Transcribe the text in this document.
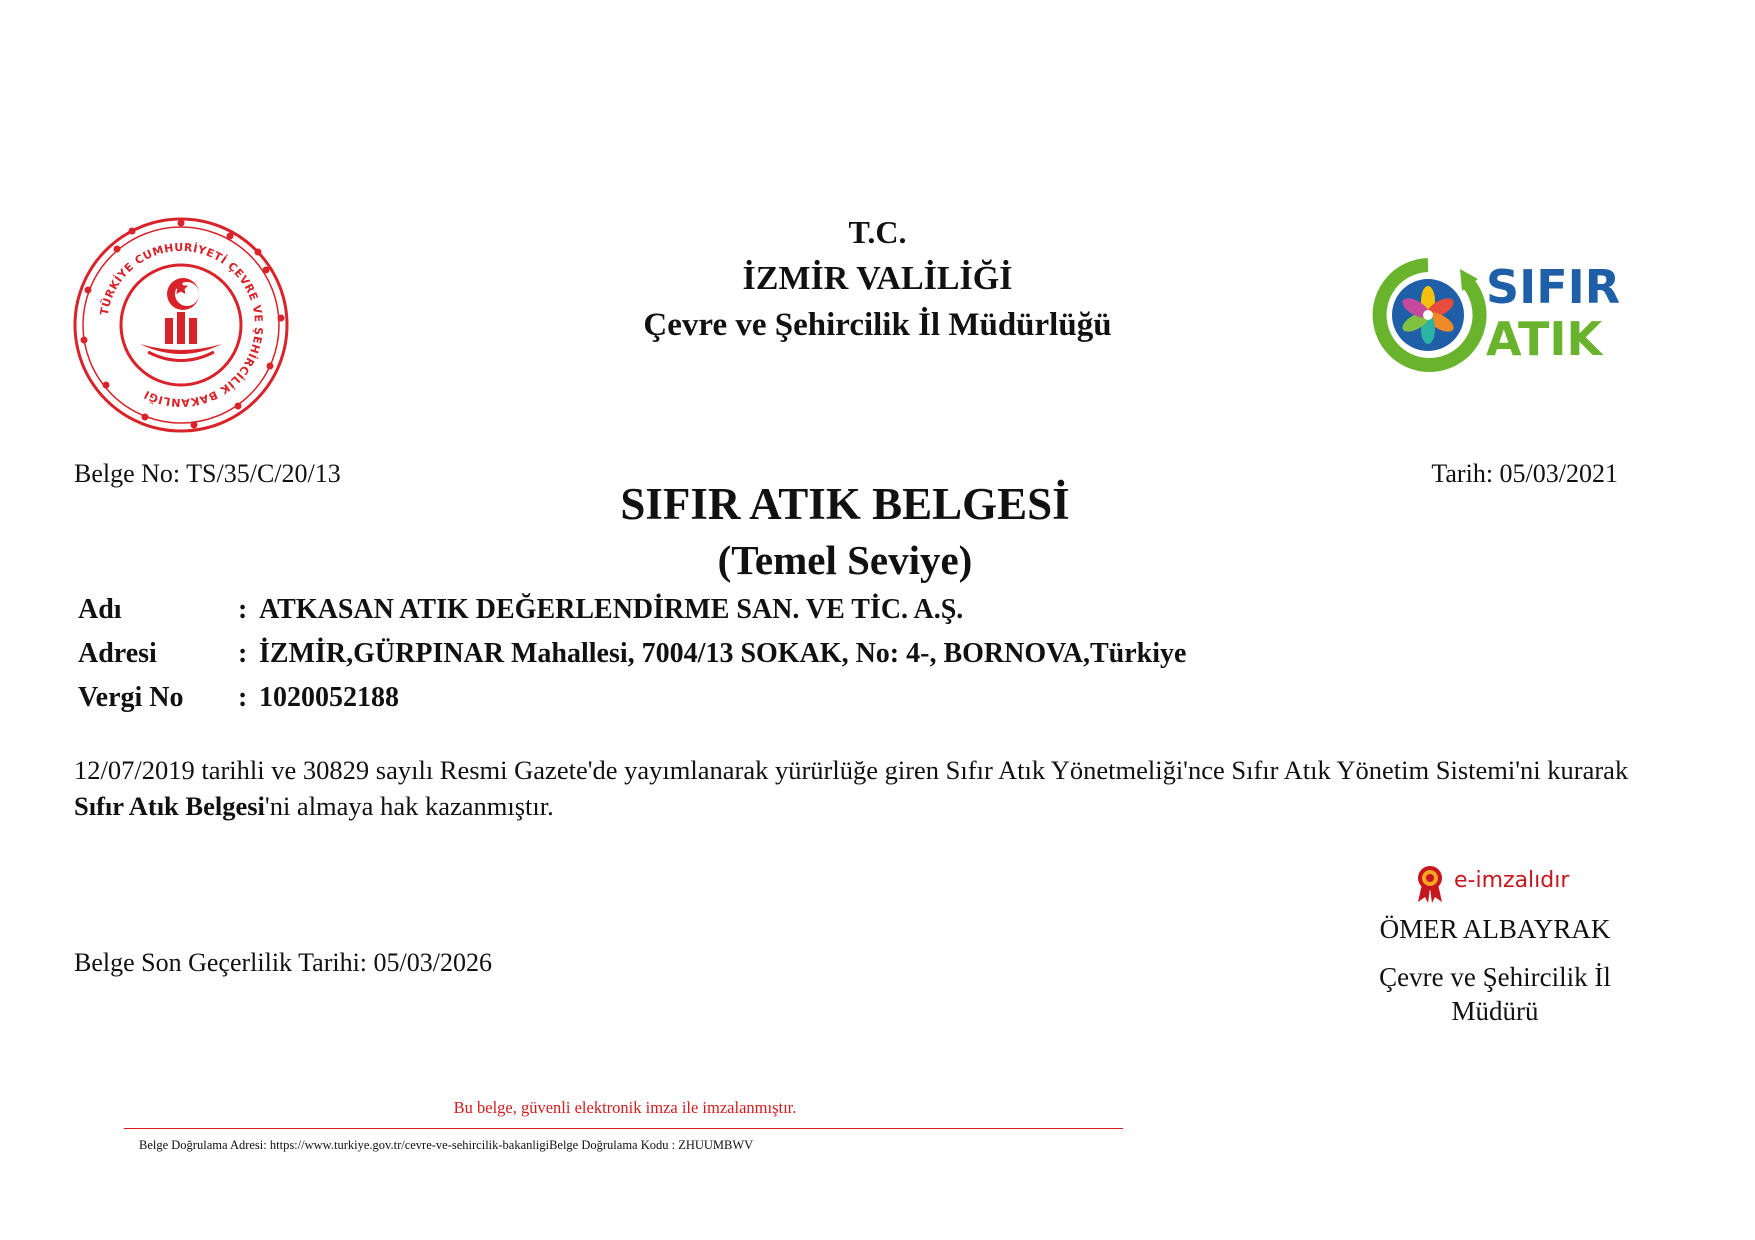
TÜRKİYE CUMHURİYETİ ÇEVRE VE ŞEHİRCİLİK BAKANLIĞI
T.C.
İZMİR VALİLİĞİ
Çevre ve Şehircilik İl Müdürlüğü
SIFIR
ATIK
Belge No: TS/35/C/20/13	Tarih: 05/03/2021
SIFIR ATIK BELGESİ
(Temel Seviye)
Adı	: ATKASAN ATIK DEĞERLENDİRME SAN. VE TİC. A.Ş.
Adresi	: İZMİR,GÜRPINAR Mahallesi, 7004/13 SOKAK, No: 4-, BORNOVA,Türkiye
Vergi No	: 1020052188
12/07/2019 tarihli ve 30829 sayılı Resmi Gazete'de yayımlanarak yürürlüğe giren Sıfır Atık Yönetmeliği'nce Sıfır Atık Yönetim Sistemi'ni kurarak Sıfır Atık Belgesi'ni almaya hak kazanmıştır.
Belge Son Geçerlilik Tarihi: 05/03/2026
e-imzalıdır
ÖMER ALBAYRAK
Çevre ve Şehircilik İl
Müdürü
Bu belge, güvenli elektronik imza ile imzalanmıştır.
Belge Doğrulama Adresi: https://www.turkiye.gov.tr/cevre-ve-sehircilik-bakanligiBelge Doğrulama Kodu : ZHUUMBWV
